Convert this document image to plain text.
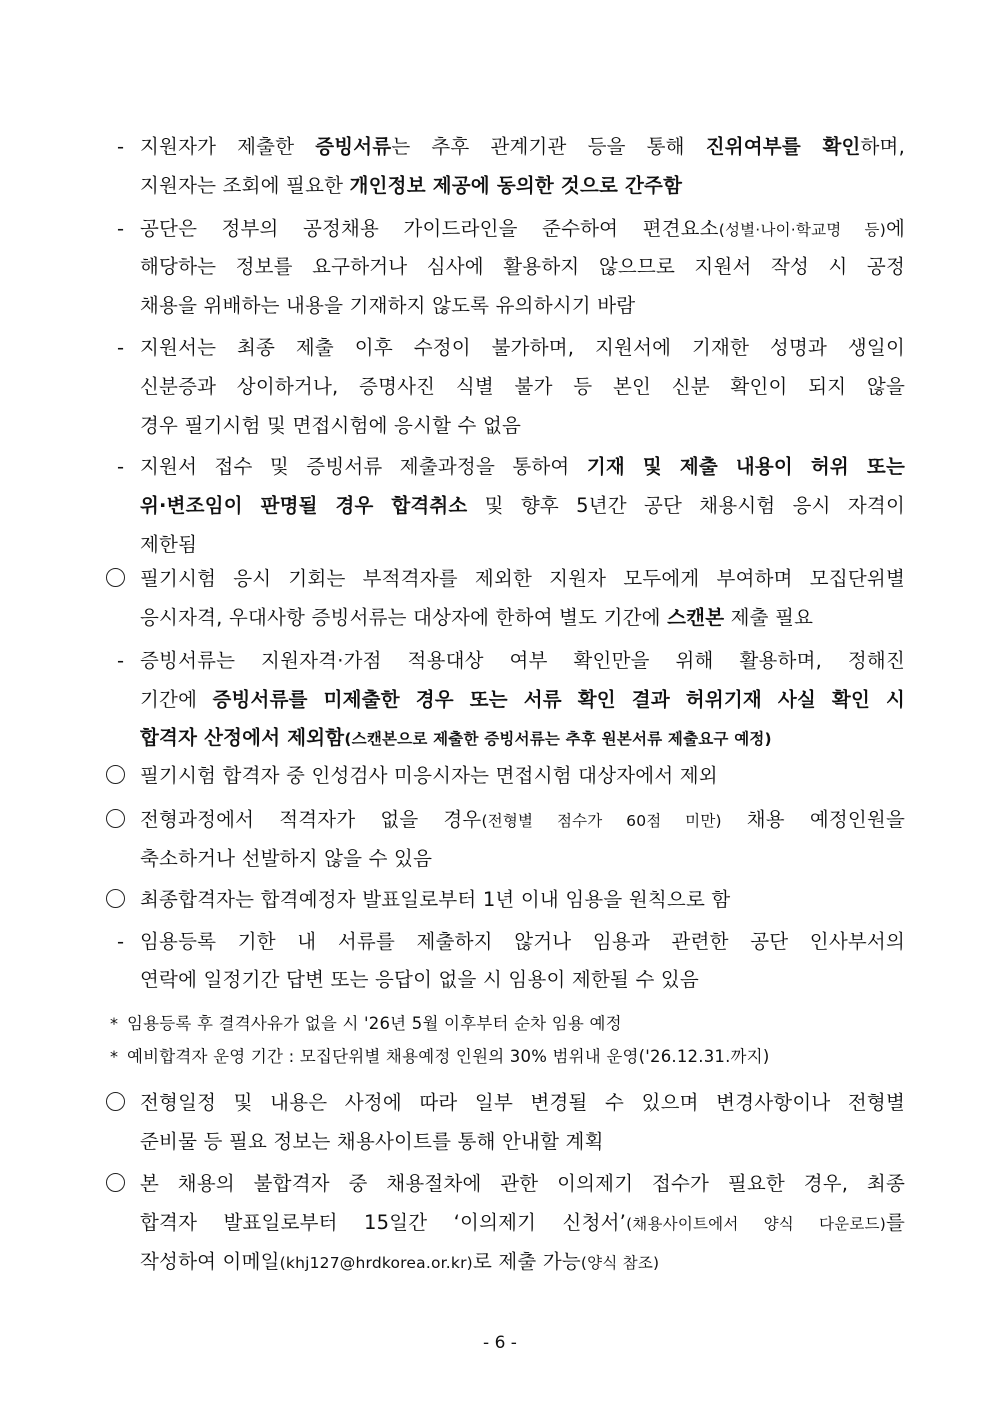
- 6 -
- 지원자가 제출한 증빙서류는 추후 관계기관 등을 통해 진위여부를 확인하며,
지원자는 조회에 필요한 개인정보 제공에 동의한 것으로 간주함
- 공단은 정부의 공정채용 가이드라인을 준수하여 편견요소(성별·나이·학교명 등)에
해당하는 정보를 요구하거나 심사에 활용하지 않으므로 지원서 작성 시 공정
채용을 위배하는 내용을 기재하지 않도록 유의하시기 바람
- 지원서는 최종 제출 이후 수정이 불가하며, 지원서에 기재한 성명과 생일이
신분증과 상이하거나, 증명사진 식별 불가 등 본인 신분 확인이 되지 않을
경우 필기시험 및 면접시험에 응시할 수 없음
- 지원서 접수 및 증빙서류 제출과정을 통하여 기재 및 제출 내용이 허위 또는
위·변조임이 판명될 경우 합격취소 및 향후 5년간 공단 채용시험 응시 자격이
제한됨
필기시험 응시 기회는 부적격자를 제외한 지원자 모두에게 부여하며 모집단위별
응시자격, 우대사항 증빙서류는 대상자에 한하여 별도 기간에 스캔본 제출 필요
- 증빙서류는 지원자격·가점 적용대상 여부 확인만을 위해 활용하며, 정해진
기간에 증빙서류를 미제출한 경우 또는 서류 확인 결과 허위기재 사실 확인 시
합격자 산정에서 제외함(스캔본으로 제출한 증빙서류는 추후 원본서류 제출요구 예정)
필기시험 합격자 중 인성검사 미응시자는 면접시험 대상자에서 제외
전형과정에서 적격자가 없을 경우(전형별 점수가 60점 미만) 채용 예정인원을
축소하거나 선발하지 않을 수 있음
최종합격자는 합격예정자 발표일로부터 1년 이내 임용을 원칙으로 함
- 임용등록 기한 내 서류를 제출하지 않거나 임용과 관련한 공단 인사부서의
연락에 일정기간 답변 또는 응답이 없을 시 임용이 제한될 수 있음
* 임용등록 후 결격사유가 없을 시 '26년 5월 이후부터 순차 임용 예정
* 예비합격자 운영 기간 : 모집단위별 채용예정 인원의 30% 범위내 운영('26.12.31.까지)
전형일정 및 내용은 사정에 따라 일부 변경될 수 있으며 변경사항이나 전형별
준비물 등 필요 정보는 채용사이트를 통해 안내할 계획
본 채용의 불합격자 중 채용절차에 관한 이의제기 접수가 필요한 경우, 최종
합격자 발표일로부터 15일간 ‘이의제기 신청서’(채용사이트에서 양식 다운로드)를
작성하여 이메일(khj127@hrdkorea.or.kr)로 제출 가능(양식 참조)
